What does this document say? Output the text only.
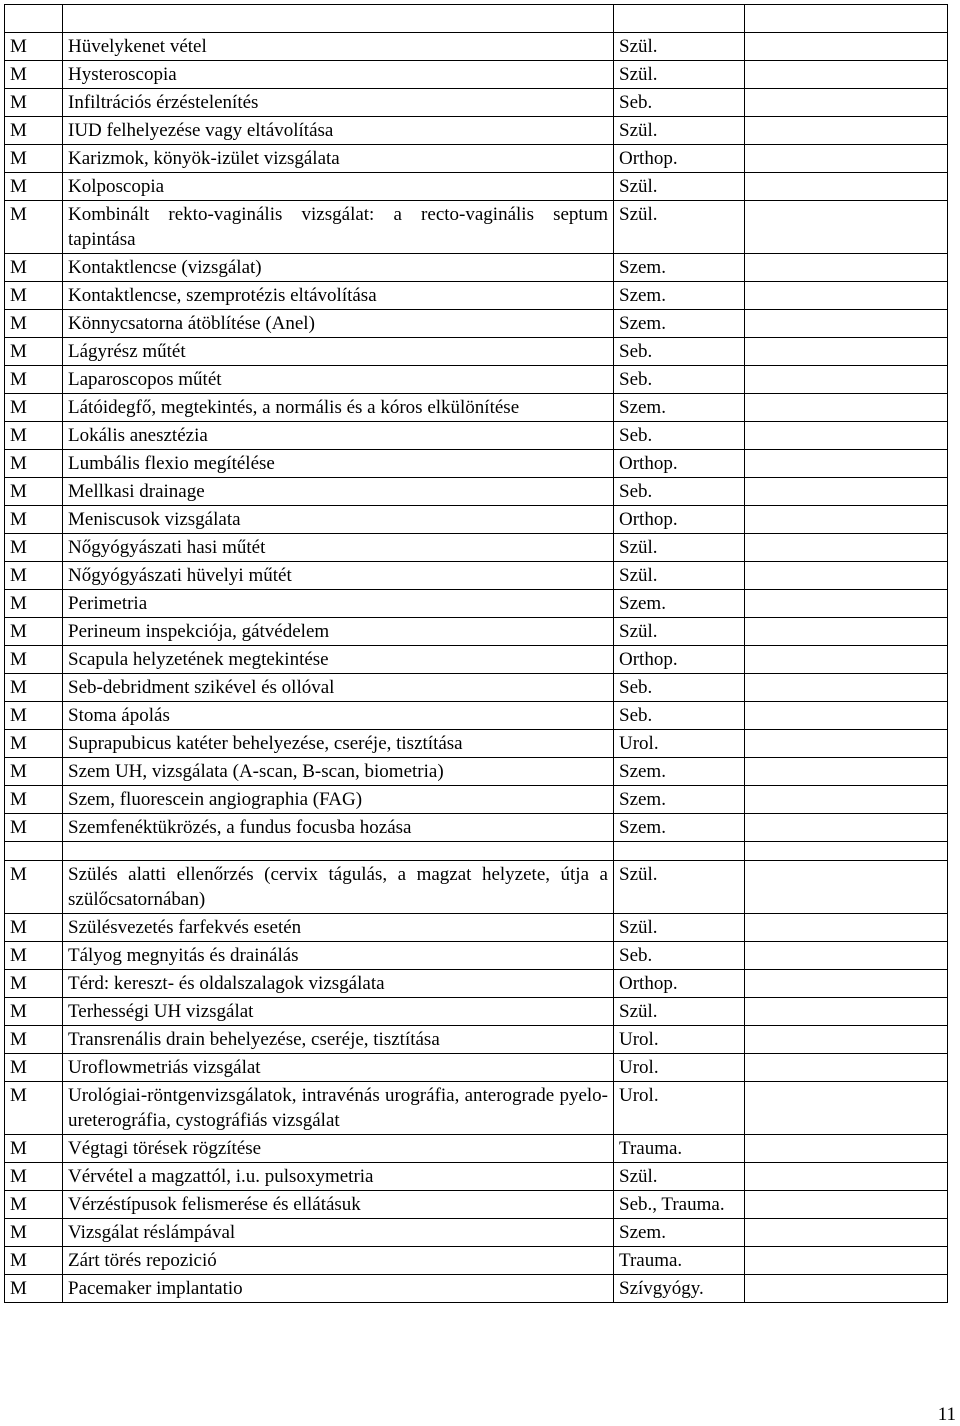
M	Hüvelykenet vétel	Szül.	
M	Hysteroscopia	Szül.	
M	Infiltrációs érzéstelenítés	Seb.	
M	IUD felhelyezése vagy eltávolítása	Szül.	
M	Karizmok, könyök-izület vizsgálata	Orthop.	
M	Kolposcopia	Szül.	
M	Kombinált rekto-vaginális vizsgálat: a recto-vaginális septum tapintása	Szül.	
M	Kontaktlencse (vizsgálat)	Szem.	
M	Kontaktlencse, szemprotézis eltávolítása	Szem.	
M	Könnycsatorna átöblítése (Anel)	Szem.	
M	Lágyrész műtét	Seb.	
M	Laparoscopos műtét	Seb.	
M	Látóidegfő, megtekintés, a normális és a kóros elkülönítése	Szem.	
M	Lokális anesztézia	Seb.	
M	Lumbális flexio megítélése	Orthop.	
M	Mellkasi drainage	Seb.	
M	Meniscusok vizsgálata	Orthop.	
M	Nőgyógyászati hasi műtét	Szül.	
M	Nőgyógyászati hüvelyi műtét	Szül.	
M	Perimetria	Szem.	
M	Perineum inspekciója, gátvédelem	Szül.	
M	Scapula helyzetének megtekintése	Orthop.	
M	Seb-debridment szikével és ollóval	Seb.	
M	Stoma ápolás	Seb.	
M	Suprapubicus katéter behelyezése, cseréje, tisztítása	Urol.	
M	Szem UH, vizsgálata (A-scan, B-scan, biometria)	Szem.	
M	Szem, fluorescein angiographia (FAG)	Szem.	
M	Szemfenéktükrözés, a fundus focusba hozása	Szem.	

M	Szülés alatti ellenőrzés (cervix tágulás, a magzat helyzete, útja a szülőcsatornában)	Szül.	
M	Szülésvezetés farfekvés esetén	Szül.	
M	Tályog megnyitás és drainálás	Seb.	
M	Térd: kereszt- és oldalszalagok vizsgálata	Orthop.	
M	Terhességi UH vizsgálat	Szül.	
M	Transrenális drain behelyezése, cseréje, tisztítása	Urol.	
M	Uroflowmetriás vizsgálat	Urol.	
M	Urológiai-röntgenvizsgálatok, intravénás urográfia, anterograde pyelo-ureterográfia, cystográfiás vizsgálat	Urol.	
M	Végtagi törések rögzítése	Trauma.	
M	Vérvétel a magzattól, i.u. pulsoxymetria	Szül.	
M	Vérzéstípusok felismerése és ellátásuk	Seb., Trauma.	
M	Vizsgálat réslámpával	Szem.	
M	Zárt törés repozició	Trauma.	
M	Pacemaker implantatio	Szívgyógy.	
11
